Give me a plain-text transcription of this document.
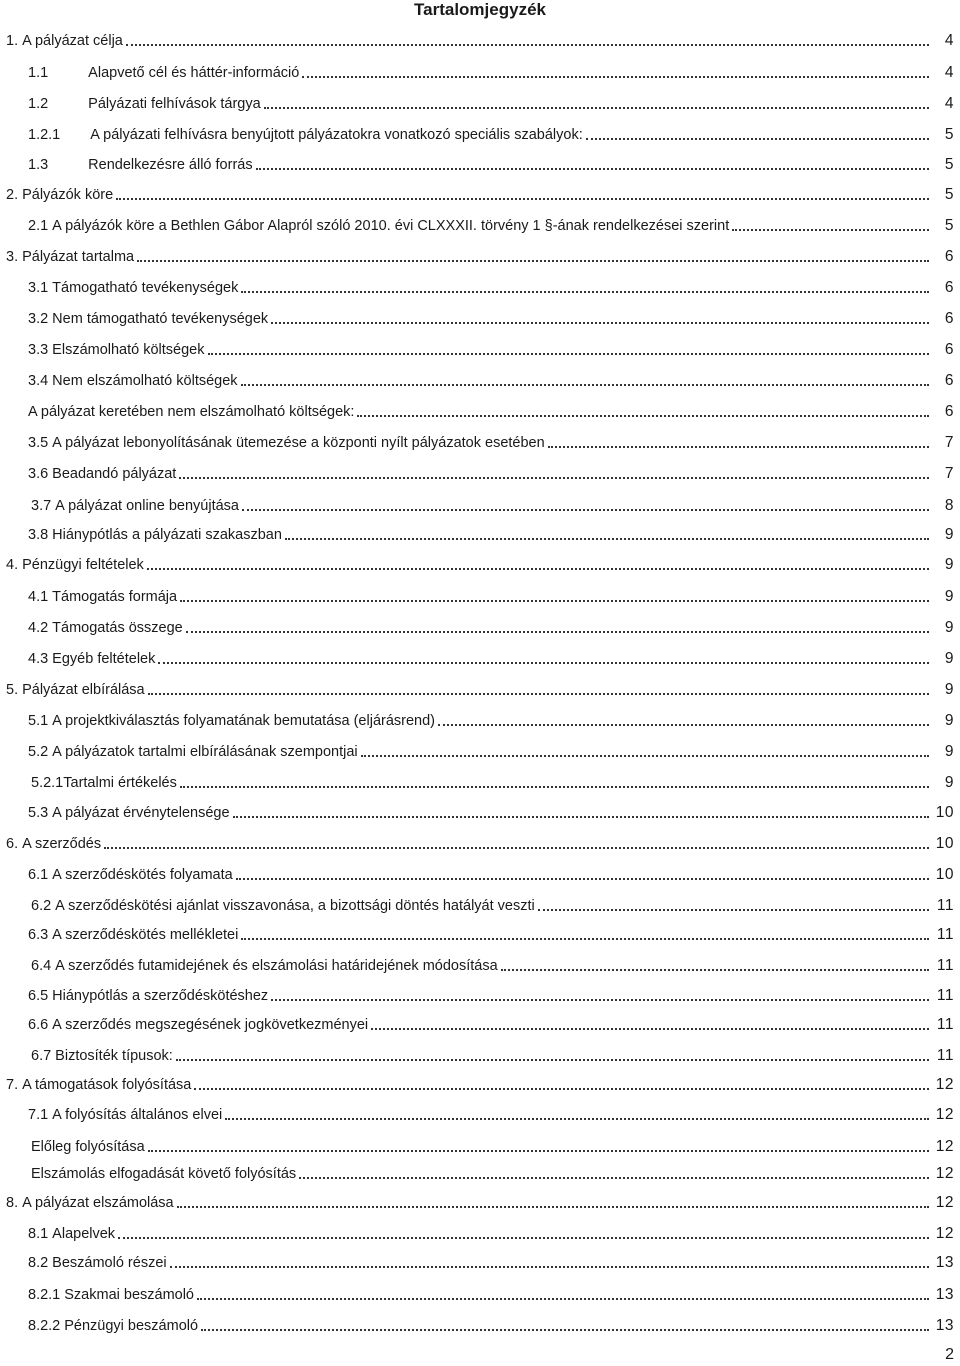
Tartalomjegyzék
1. A pályázat célja	4
1.1	Alapvető cél és háttér-információ	4
1.2	Pályázati felhívások tárgya	4
1.2.1 A pályázati felhívásra benyújtott pályázatokra vonatkozó speciális szabályok:	5
1.3	Rendelkezésre álló forrás	5
2. Pályázók köre	5
2.1 A pályázók köre a Bethlen Gábor Alapról szóló 2010. évi CLXXXII. törvény 1 §-ának rendelkezései szerint	5
3. Pályázat tartalma	6
3.1 Támogatható tevékenységek	6
3.2 Nem támogatható tevékenységek	6
3.3 Elszámolható költségek	6
3.4 Nem elszámolható költségek	6
A pályázat keretében nem elszámolható költségek:	6
3.5 A pályázat lebonyolításának ütemezése a központi nyílt pályázatok esetében	7
3.6 Beadandó pályázat	7
3.7 A pályázat online benyújtása	8
3.8 Hiánypótlás a pályázati szakaszban	9
4. Pénzügyi feltételek	9
4.1 Támogatás formája	9
4.2 Támogatás összege	9
4.3 Egyéb feltételek	9
5. Pályázat elbírálása	9
5.1 A projektkiválasztás folyamatának bemutatása (eljárásrend)	9
5.2 A pályázatok tartalmi elbírálásának szempontjai	9
5.2.1 Tartalmi értékelés	9
5.3 A pályázat érvénytelensége	10
6. A szerződés	10
6.1 A szerződéskötés folyamata	10
6.2 A szerződéskötési ajánlat visszavonása, a bizottsági döntés hatályát veszti	11
6.3 A szerződéskötés mellékletei	11
6.4 A szerződés futamidejének és elszámolási határidejének módosítása	11
6.5 Hiánypótlás a szerződéskötéshez	11
6.6 A szerződés megszegésének jogkövetkezményei	11
6.7 Biztosíték típusok:	11
7. A támogatások folyósítása	12
7.1 A folyósítás általános elvei	12
Előleg folyósítása	12
Elszámolás elfogadását követő folyósítás	12
8. A pályázat elszámolása	12
8.1 Alapelvek	12
8.2 Beszámoló részei	13
8.2.1 Szakmai beszámoló	13
8.2.2 Pénzügyi beszámoló	13
2
